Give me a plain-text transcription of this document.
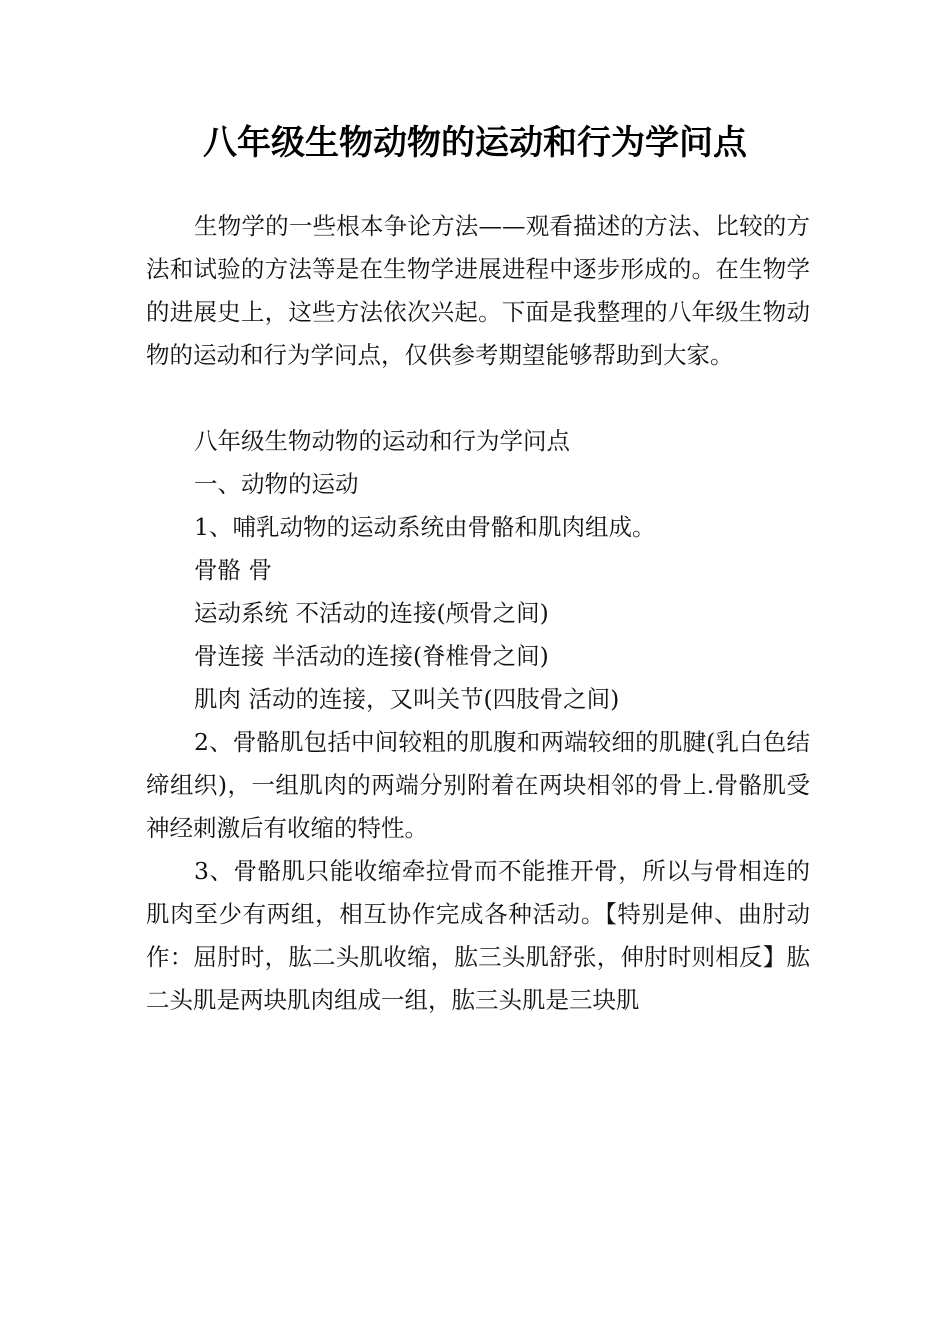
八年级生物动物的运动和行为学问点

生物学的一些根本争论方法——观看描述的方法、比较的方法和试验的方法等是在生物学进展进程中逐步形成的。在生物学的进展史上，这些方法依次兴起。下面是我整理的八年级生物动物的运动和行为学问点，仅供参考期望能够帮助到大家。

八年级生物动物的运动和行为学问点

一、动物的运动

1、哺乳动物的运动系统由骨骼和肌肉组成。

骨骼 骨

运动系统 不活动的连接(颅骨之间)

骨连接 半活动的连接(脊椎骨之间)

肌肉 活动的连接，又叫关节(四肢骨之间)

2、骨骼肌包括中间较粗的肌腹和两端较细的肌腱(乳白色结缔组织)，一组肌肉的两端分别附着在两块相邻的骨上.骨骼肌受神经刺激后有收缩的特性。

3、骨骼肌只能收缩牵拉骨而不能推开骨，所以与骨相连的肌肉至少有两组，相互协作完成各种活动。【特别是伸、曲肘动作：屈肘时，肱二头肌收缩，肱三头肌舒张，伸肘时则相反】肱二头肌是两块肌肉组成一组，肱三头肌是三块肌
